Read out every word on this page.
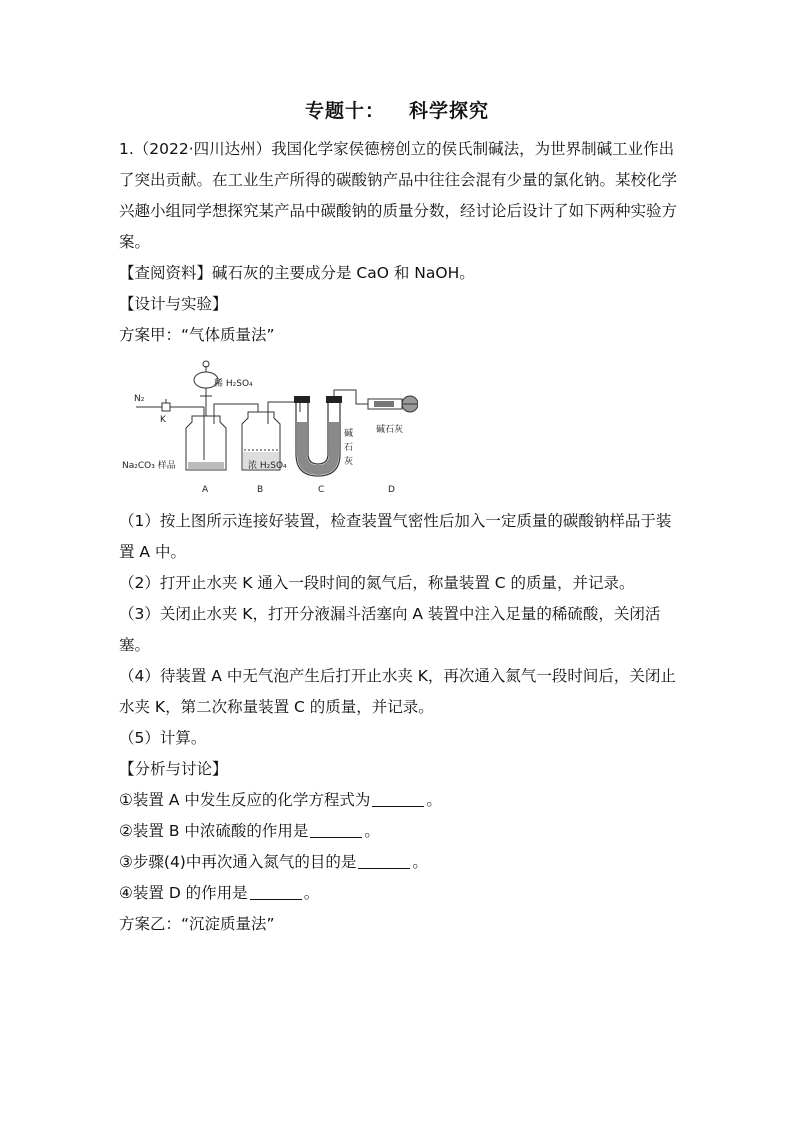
专题十： 科学探究

1.（2022·四川达州）我国化学家侯德榜创立的侯氏制碱法，为世界制碱工业作出了突出贡献。在工业生产所得的碳酸钠产品中往往会混有少量的氯化钠。某校化学兴趣小组同学想探究某产品中碳酸钠的质量分数，经讨论后设计了如下两种实验方案。

【查阅资料】碱石灰的主要成分是 CaO 和 NaOH。

【设计与实验】

方案甲：“气体质量法”

（1）按上图所示连接好装置，检查装置气密性后加入一定质量的碳酸钠样品于装置 A 中。

（2）打开止水夹 K 通入一段时间的氮气后，称量装置 C 的质量，并记录。

（3）关闭止水夹 K，打开分液漏斗活塞向 A 装置中注入足量的稀硫酸，关闭活塞。

（4）待装置 A 中无气泡产生后打开止水夹 K，再次通入氮气一段时间后，关闭止水夹 K，第二次称量装置 C 的质量，并记录。

（5）计算。

【分析与讨论】

①装置 A 中发生反应的化学方程式为	。

②装置 B 中浓硫酸的作用是	。

③步骤(4)中再次通入氮气的目的是	。

④装置 D 的作用是	。

方案乙：“沉淀质量法”

N₂
K
稀 H₂SO₄
Na₂CO₃ 样品	浓 H₂SO₄
碱
石
灰
碱石灰
A	B	C	D
